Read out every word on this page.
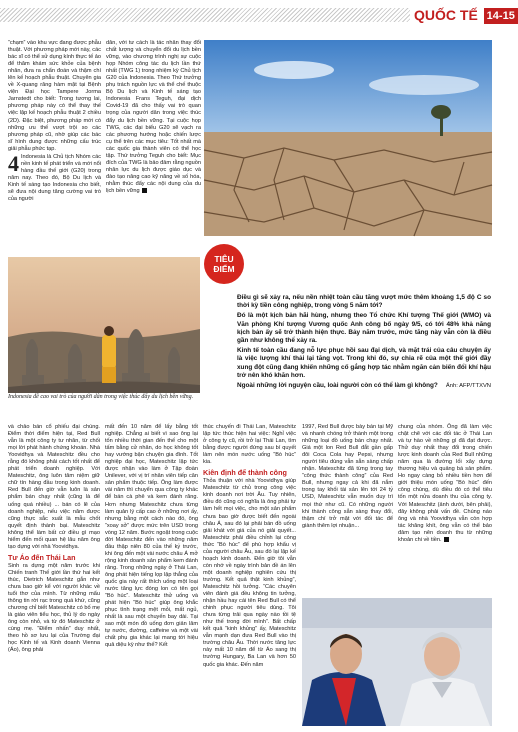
QUỐC TẾ 14-15

“chạm” vào khu vực đang được phẫu thuật. Với phương pháp mới này, các bác sĩ có thể sử dụng kính thực tế ảo để thăm khám sức khỏe của bệnh nhân, đưa ra chẩn đoán và thậm chí lên kế hoạch phẫu thuật. Chuyên gia về X-quang răng hàm mặt tại Bệnh viện Đại học Tampere Jorma Jarnstedt cho biết: Trong tương lai, phương pháp này có thể thay thế việc lập kế hoạch phẫu thuật 2 chiều (2D). Đặc biệt, phương pháp mới có những ưu thế vượt trội so các phương pháp cũ, nhờ giúp các bác sĩ hình dung được những cấu trúc giải phẫu phức tạp.

4 Indonesia là Chủ tịch Nhóm các nền kinh tế phát triển và mới nổi hàng đầu thế giới (G20) trong năm nay. Theo đó, Bộ Du lịch và Kinh tế sáng tạo Indonesia cho biết, sẽ đưa nội dung tăng cường vai trò của người

dân, với tư cách là tác nhân thay đổi chất lượng và chuyển đổi du lịch bền vững, vào chương trình nghị sự cuộc họp Nhóm công tác du lịch lần thứ nhất (TWG 1) trong nhiệm kỳ Chủ tịch G20 của Indonesia. Theo Thứ trưởng phụ trách nguồn lực và thể chế thuộc Bộ Du lịch và Kinh tế sáng tạo Indonesia Frans Teguh, đại dịch Covid-19 đã cho thấy vai trò quan trọng của người dân trong việc thúc đẩy du lịch bền vững. Tại cuộc họp TWG, các đại biểu G20 sẽ vạch ra các phương hướng hoặc chiến lược cụ thể trên các mục tiêu: Tốt nhất mà các quốc gia thành viên có thể học tập. Thứ trưởng Teguh cho biết: Mục đích của TWG là bảo đảm rằng nguồn nhân lực du lịch được giáo dục và đào tạo nâng cao kỹ năng về số hóa, nhằm thúc đẩy các nội dung của du lịch bền vững

Indonesia đề cao vai trò của người dân trong việc thúc đẩy du lịch bền vững.
TIÊU
ĐIỂM

Điều gì sẽ xảy ra, nếu nền nhiệt toàn cầu tăng vượt mức thêm khoảng 1,5 độ C so thời kỳ tiền công nghiệp, trong vòng 5 năm tới?

Đó là một kịch bản hãi hùng, nhưng theo Tổ chức Khí tượng Thế giới (WMO) và Văn phòng Khí tượng Vương quốc Anh công bố ngày 9/5, có tới 48% khả năng kịch bản ấy sẽ trở thành hiện thực. Bảy năm trước, mức tăng này vẫn còn là điều gần như không thể xảy ra.

Kinh tế toàn cầu đang nỗ lực phục hồi sau đại dịch, và mặt trái của câu chuyện ấy là việc lượng khí thải lại tăng vọt. Trong khi đó, sự chia rẽ của một thế giới đầy xung đột cũng đang khiến những cố gắng hợp tác nhằm ngăn cản biến đổi khí hậu trở nên khó khăn hơn.

Ngoài những lời nguyện cầu, loài người còn có thể làm gì không? Ảnh: AFP/TTXVN

và chảo bán cổ phiếu đại chúng. Điểm thời điểm hiện tại, Red Bull vẫn là một công ty tư nhân, từ chối mọi lời phát hành chứng khoán. Nhà Yoovidhya và Mateschitz đều cho rằng đó không phải cách tốt nhất để phát triển doanh nghiệp. Với Mateschitz, ông luôn tâm niệm giữ chữ tín hàng đầu trong kinh doanh. Red Bull đến giờ vẫn luôn là sản phẩm bán chạy nhất (cũng là để uống quá nhiều) ... bán có lẽ của doanh nghiệp, nếu việc năm được cũng thực sắc xuất là mẫu chốt quyết định thành bại. Mateschitz không thể làm bất cứ điều gì mạo hiểm đến mối quan hệ lâu năm ông tạo dựng với nhà Yoovidhya.

Tư Áo đến Thái Lan

Sinh ra dựng một năm trước khi Chiến tranh Thế giới lần thứ hai kết thúc, Dietrich Mateschitz gắn như chưa bao giờ kể với người khác về tuổi thơ của mình. Từ những mẩu thông tin rời rạc trong quá khứ, cũng chương chỉ biết Mateschitz có bố mẹ là giáo viên tiểu học, thủ lý do ngày ông còn nhỏ, và từ đó Mateschitz ở cùng mẹ. “Điểm nhấn” duy nhất, theo hồ sơ lưu lại của Trường đại học Kinh tế và Kinh doanh Vienna (Áo), ông phải

mất đến 10 năm để lấy bằng tốt nghiệp. Chẳng ai biết vì sao ông lại tốn nhiều thời gian đến thế cho một tấm bằng cử nhân, do học không tốt hay vướng bận chuyện gia đình. Tốt nghiệp đại học, Mateschitz lập tức được nhận vào làm ở Tập đoàn Unilever, với vị trí nhân viên tiếp cân sản phẩm thuộc tiếp. Ông làm được vài năm thì chuyển qua công ty khác để bán cà phê và kem đánh răng. Hơn nhưng Mateschitz chưa từng làm quản lý cấp cao ở những nơi ấy, nhưng bằng một cách nào đó, ông “xoay sở” được mức trên USD trong vòng 12 năm. Bước ngoặt trong cuộc đời Mateschitz đến vào những năm đầu thập niên 80 của thế kỷ trước, khi ông đến một vài nước châu Á mở rộng kinh doanh sản phẩm kem đánh răng. Trong những ngày ở Thái Lan, ông phát hiện tiếng lọp lập thẳng của quốc gia này rất thích uống một loại nước tăng lực đóng lon có tên gọi “Bò húc”. Mateschitz thử uống và phát hiện “Bò húc” giúp ông khắc phục tình trạng mệt mỏi, mất ngủ, nhất là sau một chuyến bay dài. Tại sao một món đồ uống đơn giản lâm tự nước, đường, caffeine và một vài chất phụ gia khác lại mang tới hiệu quả diệu kỳ như thế? Kết

thúc chuyến đi Thái Lan, Mateschitz lập tức thúc hiện hai việc: Nghỉ việc ở công ty cũ, rồi trở lại Thái Lan, tìm bằng được người đứng sau bí quyết làm nên món nước uống “Bò húc” kia.

Kiên định để thành công

Thỏa thuận với nhà Yoovidhya giúp Mateschitz từ chủ trong công việc kinh doanh nơi trời Âu. Tuy nhiên, điều đó cũng có nghĩa là ông phải tự làm hết mọi việc, cho một sản phẩm chưa bao giờ được biết đến ngoài châu Á, sau đó lại phải bán đồ uống giải khát với giá của nó giải quyết... Mateschitz phải điều chỉnh lại công thức “Bò húc” để phù hợp khẩu vị của người châu Âu, sau đó lại lập kế hoạch kinh doanh. Đến giờ tôi vẫn còn nhớ về ngày trình bản đề án lên một doanh nghiệp nghiên cứu thị trường. Kết quả thật kinh khủng”, Mateschitz hồi tưởng. “Các chuyên viên đánh giá đều không tin tưởng, nhận hầu hay cái tên Red Bull có thể chinh phục người tiêu dùng. Tôi chưa từng trải qua ngày nào tồi tệ như thế trong đời mình”. Bất chấp kết quả “kinh khủng” ấy, Mateschitz vẫn mạnh dạn đưa Red Bull vào thị trường châu Âu. Thời nước tăng lực này mất 10 năm để từ Áo sang thị trường Hungary, Ba Lan và hơn 50 quốc gia khác. Đến năm

1997, Red Bull được bày bán tại Mỹ và nhanh chóng trở thành một trong những loại đồ uống bán chạy nhất. Giá một lon Red Bull đắt gần gấp đôi Coca Cola hay Pepsi, nhưng người tiêu dùng vẫn sẵn sàng chấp nhận. Mateschitz đã từng trong tay “công thức thành công” của Red Bull, nhưng ngay cả khi đã nắm trong tay khối tài sản lên tới 24 tỷ USD, Mateschitz vẫn muốn duy trì mọi thứ như cũ. Có những người khi thành công sẵn sàng thay đổi, thậm chí trở mặt với đối tác để giành thêm lợi nhuận...

chung của nhóm. Ông đã làm việc chặt chẽ với các đối tác ở Thái Lan và tự hào về những gì đã đạt được. Thử duy nhất thay đổi trong chiến lược kinh doanh của Red Bull những năm qua là đường lối xây dựng thương hiệu và quảng bá sản phẩm. Ho ngay càng bỏ nhiều tiền hơn để giới thiệu món uống “Bò húc” đến công chúng, dù điều đó có thể tiêu tốn một nửa doanh thu của công ty. Với Mateschitz (ảnh dưới, bên phải), đây không phải vấn đề. Chúng náo ông và nhà Yoovidhya vẫn còn hợp tác khăng khít, ông vẫn có thể bảo đảm tạo nên doanh thu từ những khoản chi về tiền.
